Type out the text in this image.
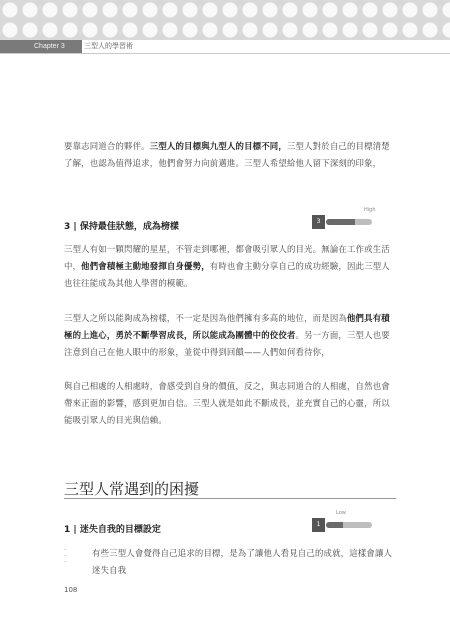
Chapter 3	三型人的學習術

要靠志同道合的夥伴。三型人的目標與九型人的目標不同，三型人對於自己的目標清楚了解，也認為值得追求，他們會努力向前邁進。三型人希望給他人留下深刻的印象，

3 | 保持最佳狀態，成為榜樣
High
3

三型人有如一顆閃耀的星星，不管走到哪裡，都會吸引眾人的目光。無論在工作或生活中，他們會積極主動地發揮自身優勢，有時也會主動分享自己的成功經驗，因此三型人也往往能成為其他人學習的模範。

三型人之所以能夠成為榜樣，不一定是因為他們擁有多高的地位，而是因為他們具有積極的上進心，勇於不斷學習成長，所以能成為團體中的佼佼者。另一方面，三型人也要注意到自己在他人眼中的形象，並從中得到回饋——人們如何看待你，

與自己相處的人相處時，會感受到自身的價值，反之，與志同道合的人相處，自然也會帶來正面的影響，感到更加自信。三型人就是如此不斷成長，並充實自己的心靈，所以能吸引眾人的目光與信賴。

三型人常遇到的困擾
1 | 迷失自我的目標設定
Low
1
·
·
·

有些三型人會覺得自己追求的目標，是為了讓他人看見自己的成就，這樣會讓人迷失自我

108
